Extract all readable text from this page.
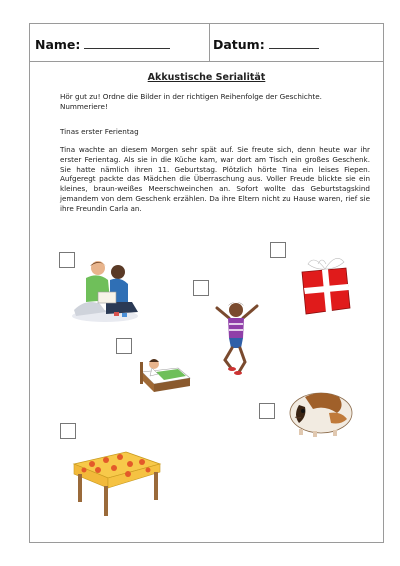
Name:	Datum:
Akkustische Serialität
Hör gut zu! Ordne die Bilder in der richtigen Reihenfolge der Geschichte. Nummeriere!
Tinas erster Ferientag
Tina wachte an diesem Morgen sehr spät auf. Sie freute sich, denn heute war ihr erster Ferientag. Als sie in die Küche kam, war dort am Tisch ein großes Geschenk. Sie hatte nämlich ihren 11. Geburtstag. Plötzlich hörte Tina ein leises Fiepen. Aufgeregt packte das Mädchen die Überraschung aus. Voller Freude blickte sie ein kleines, braun-weißes Meerschweinchen an. Sofort wollte das Geburtstagskind jemandem von dem Geschenk erzählen. Da ihre Eltern nicht zu Hause waren, rief sie ihre Freundin Carla an.
